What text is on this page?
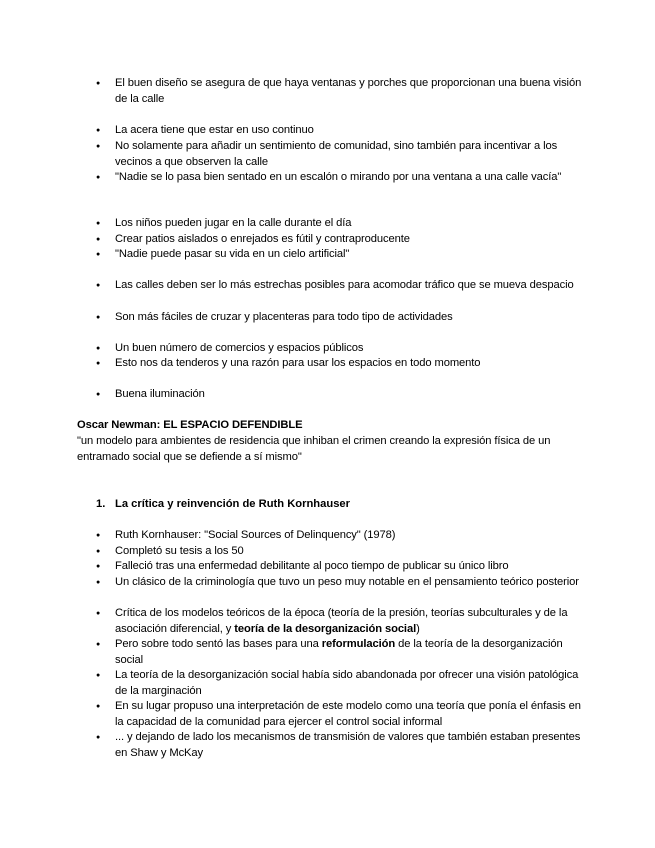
● El buen diseño se asegura de que haya ventanas y porches que proporcionan una buena visión de la calle
● La acera tiene que estar en uso continuo
● No solamente para añadir un sentimiento de comunidad, sino también para incentivar a los vecinos a que observen la calle
● "Nadie se lo pasa bien sentado en un escalón o mirando por una ventana a una calle vacía"
● Los niños pueden jugar en la calle durante el día
● Crear patios aislados o enrejados es fútil y contraproducente
● "Nadie puede pasar su vida en un cielo artificial"
● Las calles deben ser lo más estrechas posibles para acomodar tráfico que se mueva despacio
● Son más fáciles de cruzar y placenteras para todo tipo de actividades
● Un buen número de comercios y espacios públicos
● Esto nos da tenderos y una razón para usar los espacios en todo momento
● Buena iluminación
Oscar Newman: EL ESPACIO DEFENDIBLE
"un modelo para ambientes de residencia que inhiban el crimen creando la expresión física de un entramado social que se defiende a sí mismo"
1. La crítica y reinvención de Ruth Kornhauser
● Ruth Kornhauser: "Social Sources of Delinquency" (1978)
● Completó su tesis a los 50
● Falleció tras una enfermedad debilitante al poco tiempo de publicar su único libro
● Un clásico de la criminología que tuvo un peso muy notable en el pensamiento teórico posterior
● Crítica de los modelos teóricos de la época (teoría de la presión, teorías subculturales y de la asociación diferencial, y teoría de la desorganización social)
● Pero sobre todo sentó las bases para una reformulación de la teoría de la desorganización social
● La teoría de la desorganización social había sido abandonada por ofrecer una visión patológica de la marginación
● En su lugar propuso una interpretación de este modelo como una teoría que ponía el énfasis en la capacidad de la comunidad para ejercer el control social informal
● ... y dejando de lado los mecanismos de transmisión de valores que también estaban presentes en Shaw y McKay
